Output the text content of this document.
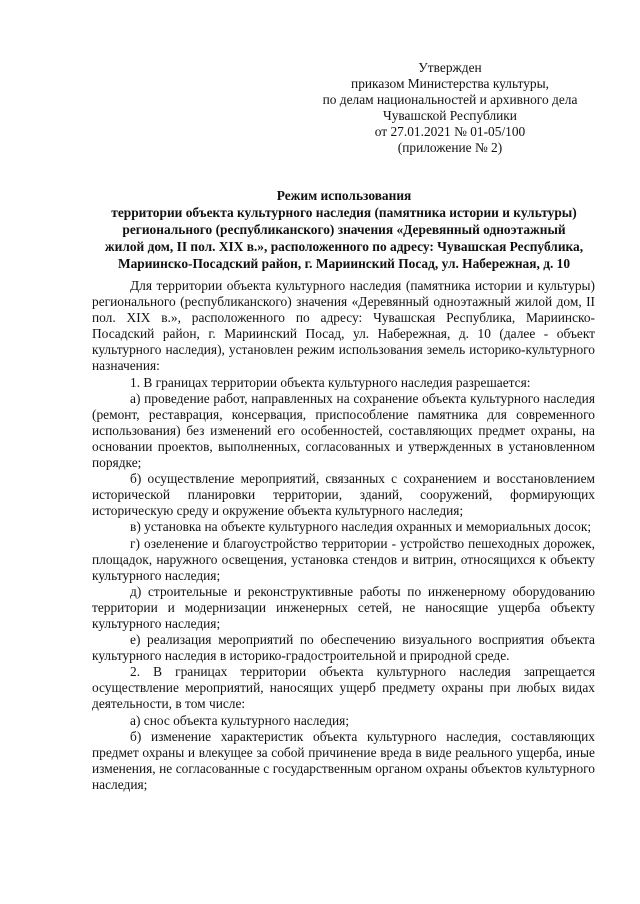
Утвержден
приказом Министерства культуры,
по делам национальностей и архивного дела
Чувашской Республики
от 27.01.2021 № 01-05/100
(приложение № 2)
Режим использования
территории объекта культурного наследия (памятника истории и культуры)
регионального (республиканского) значения «Деревянный одноэтажный
жилой дом, II пол. XIX в.», расположенного по адресу: Чувашская Республика,
Мариинско-Посадский район, г. Мариинский Посад, ул. Набережная, д. 10

Для территории объекта культурного наследия (памятника истории и культуры) регионального (республиканского) значения «Деревянный одноэтажный жилой дом, II пол. XIX в.», расположенного по адресу: Чувашская Республика, Мариинско-Посадский район, г. Мариинский Посад, ул. Набережная, д. 10 (далее - объект культурного наследия), установлен режим использования земель историко-культурного назначения:

1. В границах территории объекта культурного наследия разрешается:

а) проведение работ, направленных на сохранение объекта культурного наследия (ремонт, реставрация, консервация, приспособление памятника для современного использования) без изменений его особенностей, составляющих предмет охраны, на основании проектов, выполненных, согласованных и утвержденных в установленном порядке;

б) осуществление мероприятий, связанных с сохранением и восстановлением исторической планировки территории, зданий, сооружений, формирующих историческую среду и окружение объекта культурного наследия;

в) установка на объекте культурного наследия охранных и мемориальных досок;

г) озеленение и благоустройство территории - устройство пешеходных дорожек, площадок, наружного освещения, установка стендов и витрин, относящихся к объекту культурного наследия;

д) строительные и реконструктивные работы по инженерному оборудованию территории и модернизации инженерных сетей, не наносящие ущерба объекту культурного наследия;

е) реализация мероприятий по обеспечению визуального восприятия объекта культурного наследия в историко-градостроительной и природной среде.

2. В границах территории объекта культурного наследия запрещается осуществление мероприятий, наносящих ущерб предмету охраны при любых видах деятельности, в том числе:

а) снос объекта культурного наследия;

б) изменение характеристик объекта культурного наследия, составляющих предмет охраны и влекущее за собой причинение вреда в виде реального ущерба, иные изменения, не согласованные с государственным органом охраны объектов культурного наследия;
